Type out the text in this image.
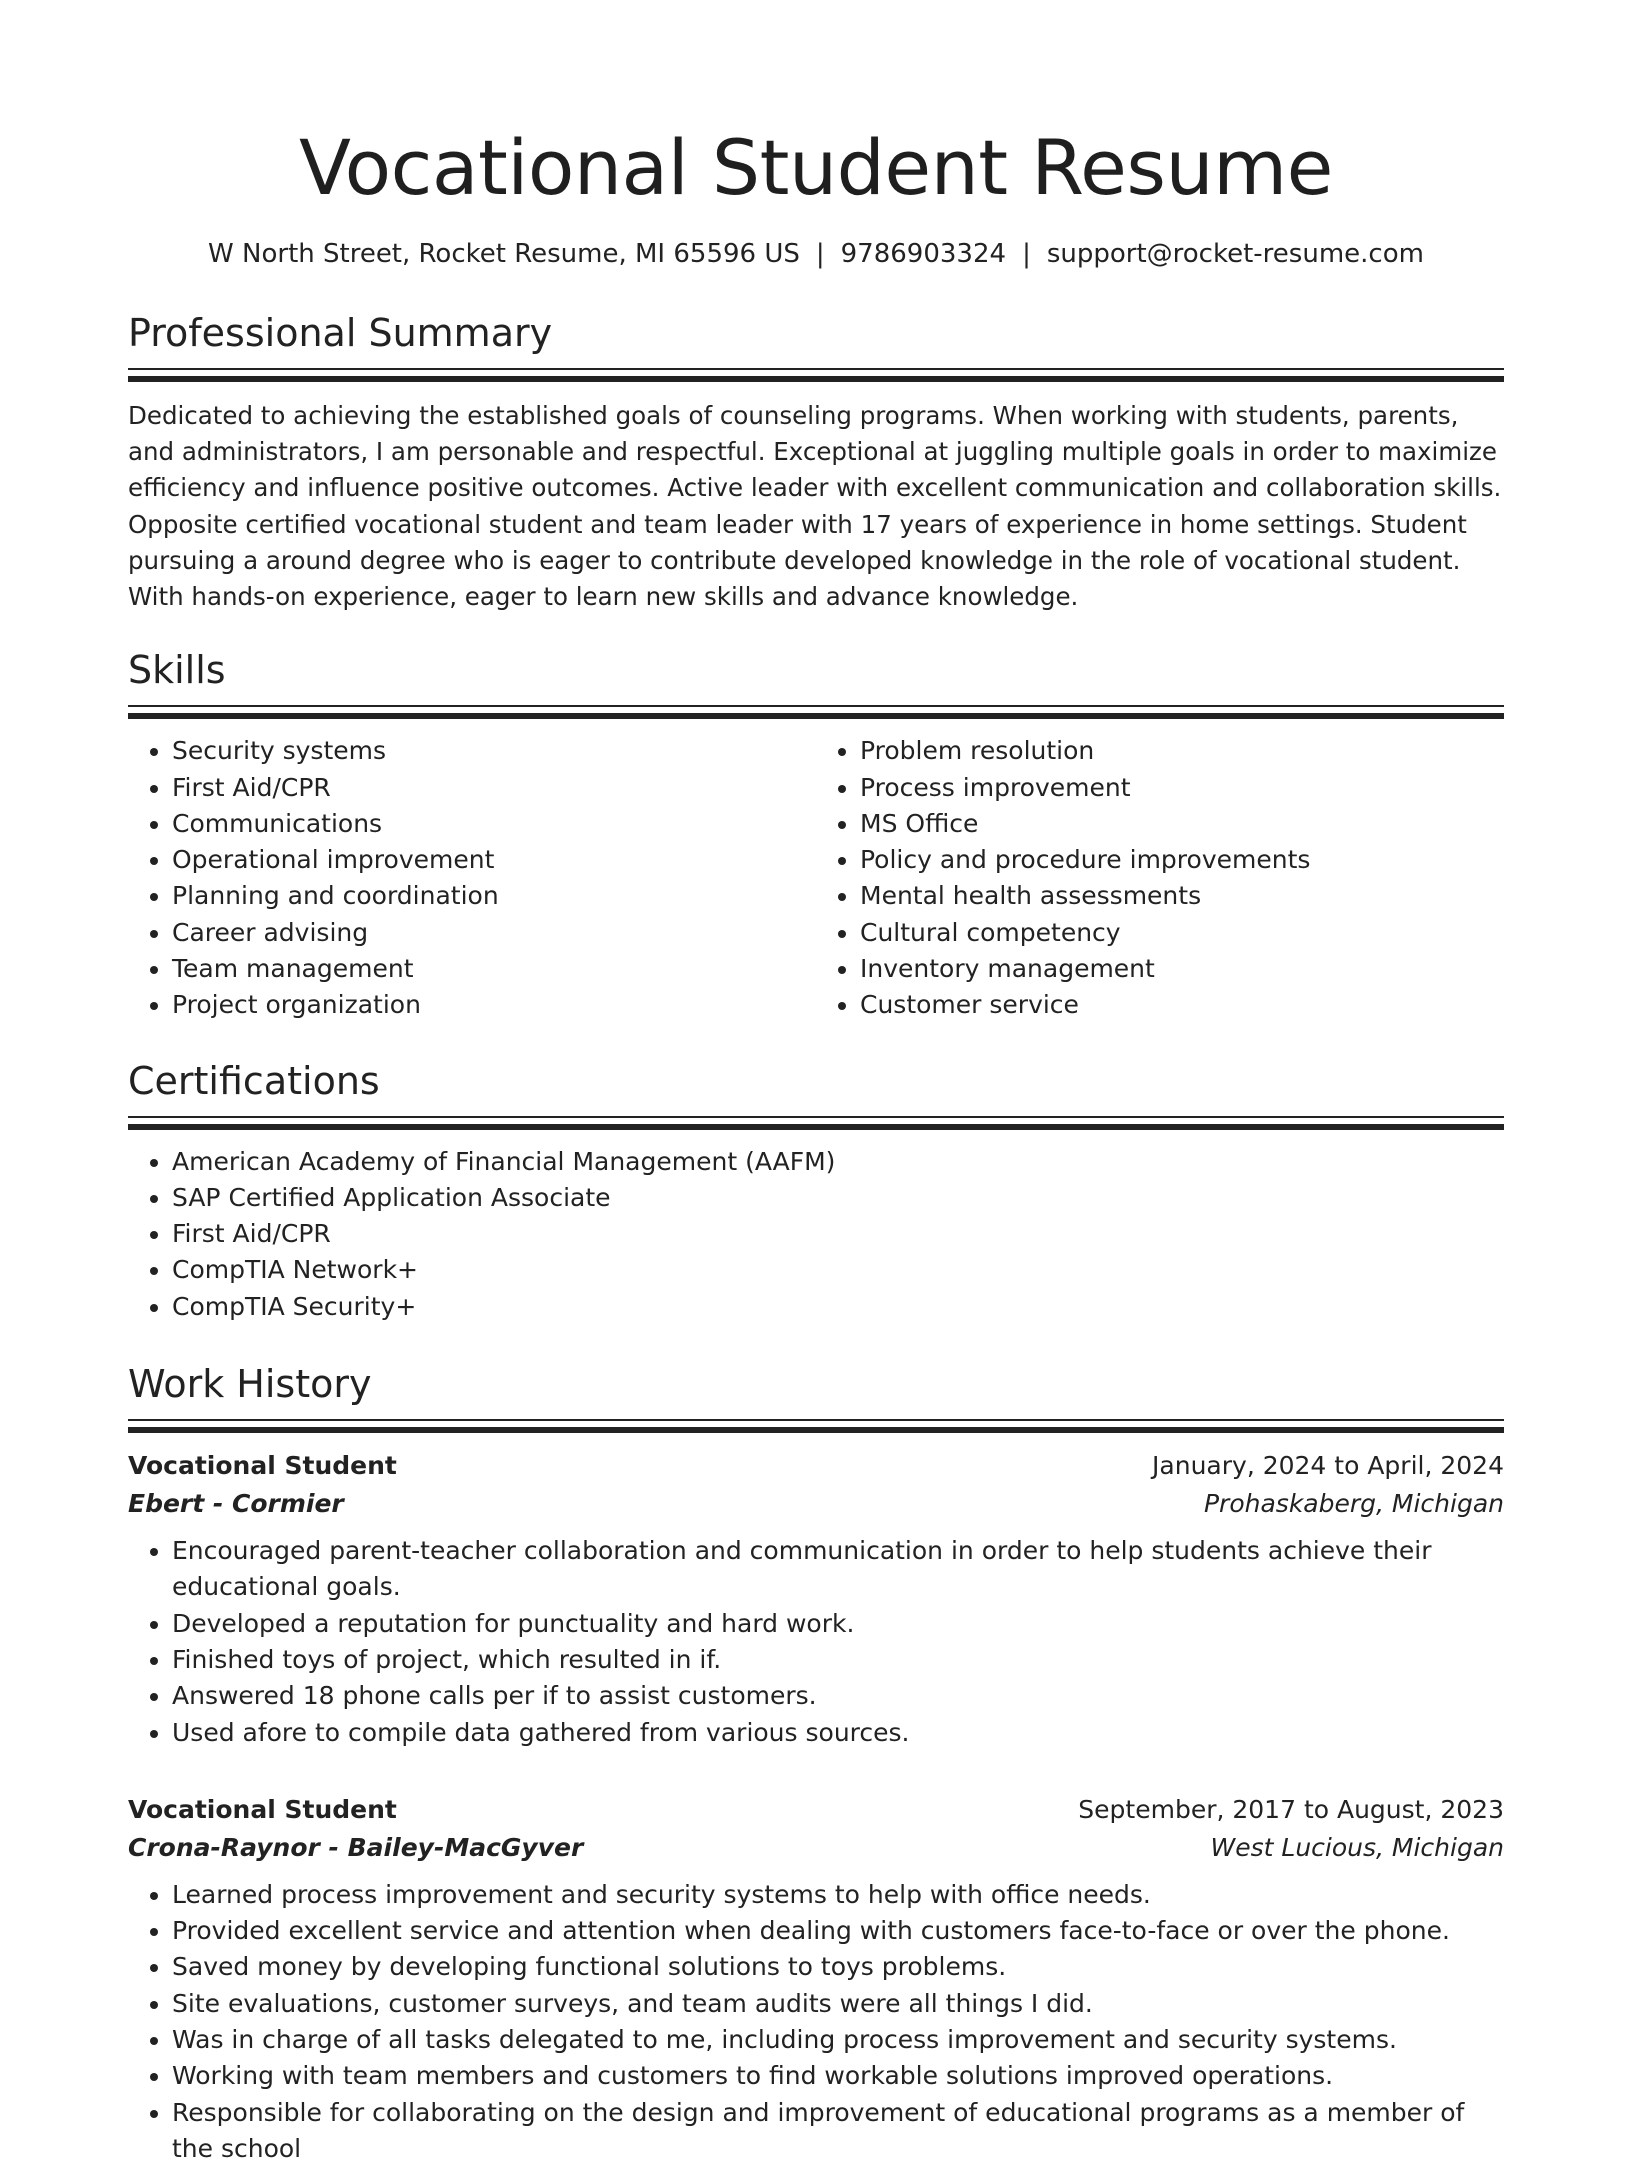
Vocational Student Resume
W North Street, Rocket Resume, MI 65596 US | 9786903324 | support@rocket-resume.com
Professional Summary

Dedicated to achieving the established goals of counseling programs. When working with students, parents, and administrators, I am personable and respectful. Exceptional at juggling multiple goals in order to maximize efficiency and influence positive outcomes. Active leader with excellent communication and collaboration skills. Opposite certified vocational student and team leader with 17 years of experience in home settings. Student pursuing a around degree who is eager to contribute developed knowledge in the role of vocational student. With hands-on experience, eager to learn new skills and advance knowledge.

Skills
• Security systems
• First Aid/CPR
• Communications
• Operational improvement
• Planning and coordination
• Career advising
• Team management
• Project organization
• Problem resolution
• Process improvement
• MS Office
• Policy and procedure improvements
• Mental health assessments
• Cultural competency
• Inventory management
• Customer service
Certifications
• American Academy of Financial Management (AAFM)
• SAP Certified Application Associate
• First Aid/CPR
• CompTIA Network+
• CompTIA Security+
Work History
Vocational Student	January, 2024 to April, 2024
Ebert - Cormier	Prohaskaberg, Michigan
• Encouraged parent-teacher collaboration and communication in order to help students achieve their educational goals.
• Developed a reputation for punctuality and hard work.
• Finished toys of project, which resulted in if.
• Answered 18 phone calls per if to assist customers.
• Used afore to compile data gathered from various sources.
Vocational Student	September, 2017 to August, 2023
Crona-Raynor - Bailey-MacGyver	West Lucious, Michigan
• Learned process improvement and security systems to help with office needs.
• Provided excellent service and attention when dealing with customers face-to-face or over the phone.
• Saved money by developing functional solutions to toys problems.
• Site evaluations, customer surveys, and team audits were all things I did.
• Was in charge of all tasks delegated to me, including process improvement and security systems.
• Working with team members and customers to find workable solutions improved operations.
• Responsible for collaborating on the design and improvement of educational programs as a member of the school
